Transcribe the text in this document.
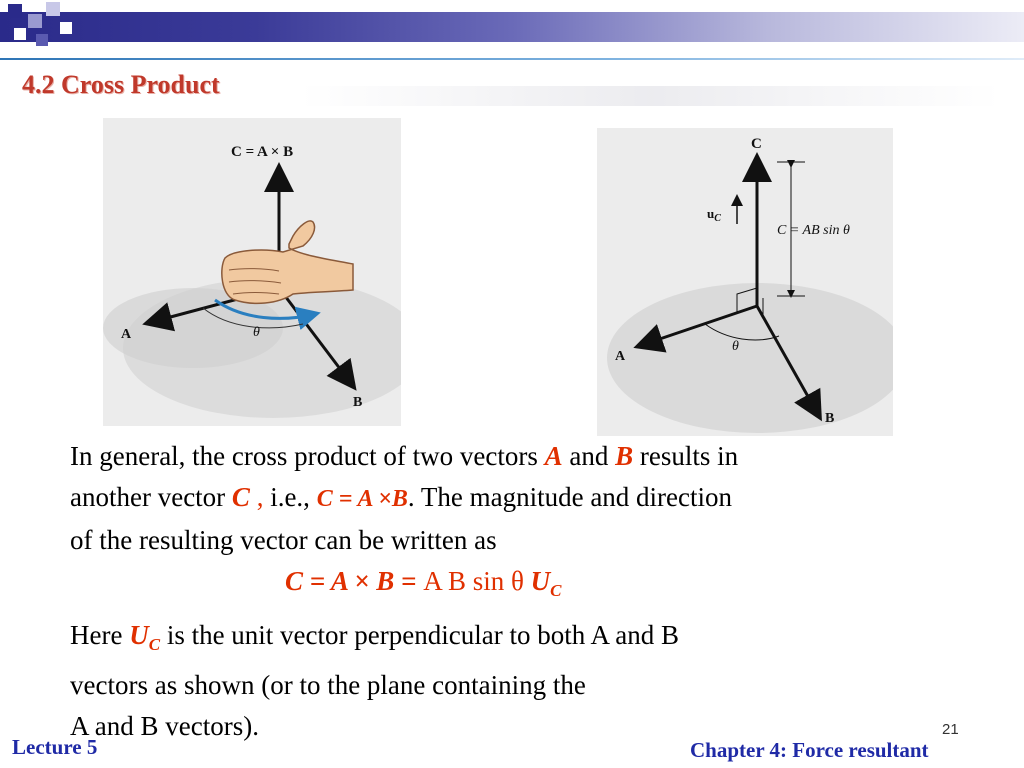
4.2 Cross Product
θ
C = A × B
A
B
C
$u_C$
C = AB sin θ
A
B
θ
In general, the cross product of two vectors A and B results in
another vector C , i.e., C = A ×B. The magnitude and direction
of the resulting vector can be written as
C = A × B = A B sin θ $U_C$
Here $U_C$ is the unit vector perpendicular to both A and B
vectors as shown (or to the plane containing the
A and B vectors).	21
Lecture 5	Chapter 4: Force resultant
